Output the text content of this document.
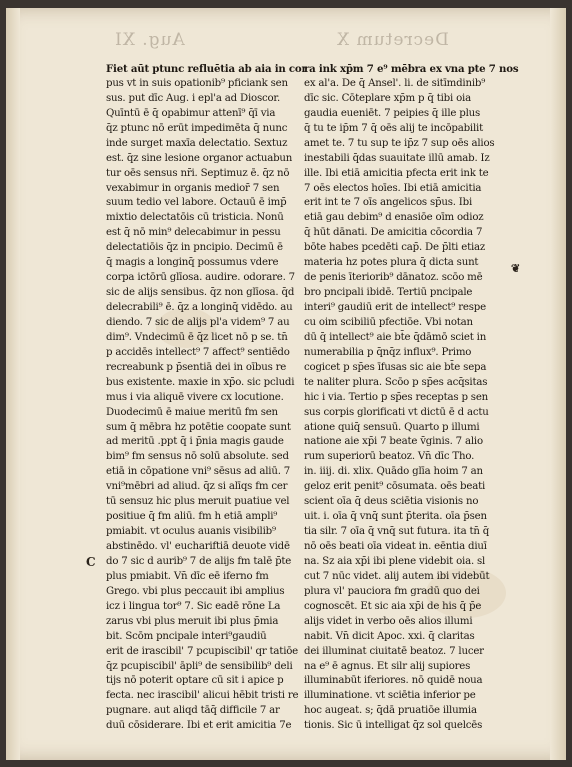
Aug. XI	Decretum X
Fiet aūt ptunc refluētia ab aia in cor
pus vt in suis opationib⁹ pficiank sen
sus. put dīc Aug. i epl'a ad Dioscor.
Quīntū ē q̄ opabimur attenī⁹ q̄ī via
q̄z ptunc nō erūt impedimēta q̄ nunc
inde surget maxīa delectatio. Sextuz
est. q̄z sine lesione organor actuabun
tur oēs sensus nr̄i. Septimuz ē. q̄z nō
vexabimur in organis medior̄ 7 sen
suum tedio vel labore. Octauū ē imp̄
mixtio delectatōis cū tristicia. Nonū
est q̄ nō min⁹ delecabimur in pessu
delectatiōis q̄z in pncipio. Decimū ē
q̄ magis a longinq̄ possumus vdere
corpa ictōrū glīosa. audire. odorare. 7
sic de alijs sensibus. q̄z non glīosa. q̄d
delecrabili⁹ ē. q̄z a longinq̄ vidēdo. au
diendo. 7 sic de alijs pl'a videm⁹ 7 au
dim⁹. Vndecimū ē q̄z licet nō p se. tn̄
p accidēs intellect⁹ 7 affect⁹ sentiēdo
recreabunk p p̄sentiā dei in oībus re
bus existente. maxie in xp̄o. sic pcludi
mus i via aliquē vivere cx locutione.
Duodecimū ē maiue meritū fm sen
sum q̄ mēbra hz potētie coopate sunt
ad meritū .ppt q̄ i p̄nia magis gaude
bim⁹ fm sensus nō solū absolute. sed
etiā in cōpatione vni⁹ sēsus ad aliū. 7
vni⁹mēbri ad aliud. q̄z si alīqs fm cer
tū sensuz hic plus meruit puatiue vel
positiue q̄ fm aliū. fm h etiā ampli⁹
pmiabit. vt oculus auanis visibilib⁹
abstinēdo. vl' euchariftiā deuote vidē
do 7 sic d aurib⁹ 7 de alijs fm talē p̄te
plus pmiabit. Vn̄ dīc eē iferno fm
Grego. vbi plus peccauit ibi amplius
icz i lingua tor⁹ 7. Sic eadē rōne La
zarus vbi plus meruit ibi plus p̄mia
bit. Scōm pncipale interi⁹gaudiū
erit de irascibil' 7 pcupiscibil' qr tatiōe
q̄z pcupiscibil' āpli⁹ de sensibilib⁹ deli
tijs nō poterit optare cū sit i apice p
fecta. nec irascibil' alicui hēbit tristi re
pugnare. aut aliqd tāq̄ difficile 7 ar
duū cōsiderare. Ibi et erit amicitia 7e
ra ink xp̄m 7 e⁹ mēbra ex vna pte 7 nos
ex al'a. De q̄ Ansel'. li. de sitīmdinib⁹
dīc sic. Cōteplare xp̄m p q̄ tibi oia
gaudia eueniēt. 7 peipies q̄ ille plus
q̄ tu te ip̄m 7 q̄ oēs alij te incōpabilit
amet te. 7 tu sup te ip̄z 7 sup oēs alios
inestabili q̄das suauitate illū amab. Iz
ille. Ibi etiā amicitia pfecta erit ink te
7 oēs electos hoīes. Ibi etiā amicitia
erit int te 7 oīs angelicos sp̄us. Ibi
etiā gau debim⁹ d enasiōe oīm odioz
q̄ hūt dānati. De amicitia cōcordia 7
bōte habes pcedēti cap̄. De p̄lti etiaz
materia hz potes plura q̄ dicta sunt
de penis īteriorib⁹ dānatoz. scōo mē
bro pncipali ibidē. Tertiū pncipale
interi⁹ gaudiū erit de intellect⁹ respe
cu oim scibiliū pfectiōe. Vbi notan
dū q̄ intellect⁹ aie bt̄e q̄dāmō sciet in
numerabilia p q̄nq̄z influx⁹. Primo
cogicet p sp̄es īfusas sic aie bt̄e sepa
te naliter plura. Scōo p sp̄es acq̄sitas
hic i via. Tertio p sp̄es receptas p sen
sus corpis glorificati vt dictū ē d actu
atione quiq̄ sensuū. Quarto p illumi
natione aie xp̄i 7 beate v̄ginis. 7 alio
rum superiorū beatoz. Vn̄ dīc Tho.
in. iiij. di. xlix. Quādo glīa hoim 7 an
geloz erit penit⁹ cōsumata. oēs beati
scient oīa q̄ deus sciētia visionis no
uit. i. oīa q̄ vnq̄ sunt p̄terita. oīa p̄sen
tia silr. 7 oīa q̄ vnq̄ sut futura. ita tn̄ q̄
nō oēs beati oīa videat in. eēntia diuī
na. Sz aia xp̄i ibi plene videbit oia. sl
cut 7 nūc videt. alij autem ibi videbūt
plura vl' pauciora fm gradū quo dei
cognoscēt. Et sic aia xp̄i de his q̄ p̄e
alijs videt in verbo oēs alios illumi
nabit. Vn̄ dicit Apoc. xxi. q̄ claritas
dei illuminat ciuitatē beatoz. 7 lucer
na e⁹ ē agnus. Et silr alij supiores
illuminabūt iferiores. nō quidē noua
illuminatione. vt sciētia inferior pe
hoc augeat. s; q̄dā pruatiōe illumia
tionis. Sic ū intelligat q̄z sol quelcēs
C
❦
